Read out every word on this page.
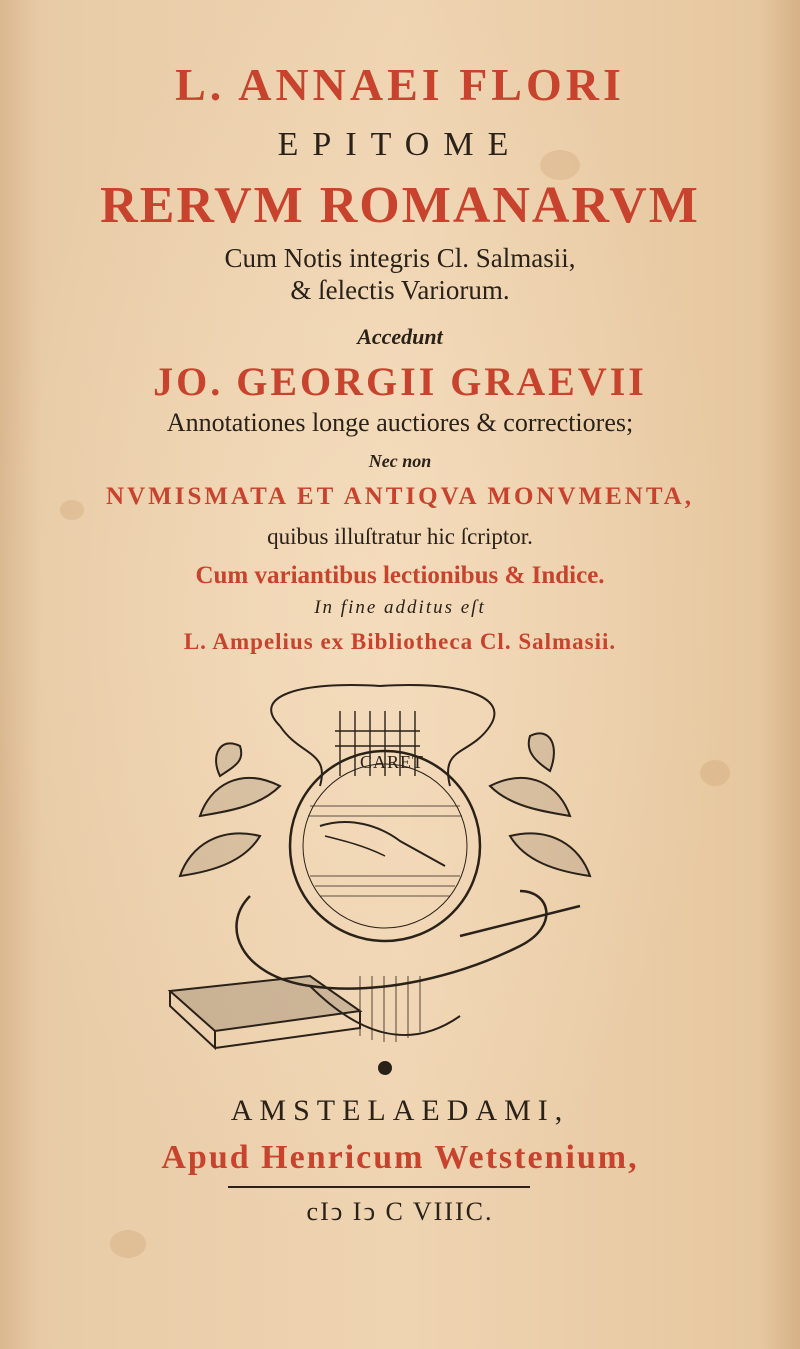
L. ANNAEI FLORI
EPITOME
RERVM ROMANARVM
Cum Notis integris Cl. Salmasii,
& ſelectis Variorum.
Accedunt
JO. GEORGII GRAEVII
Annotationes longe auctiores & correctiores;
Nec non
NVMISMATA ET ANTIQVA MONVMENTA,
quibus illuſtratur hic ſcriptor.
Cum variantibus lectionibus & Indice.
In fine additus eſt
L. Ampelius ex Bibliotheca Cl. Salmasii.
CARET
AMSTELAEDAMI,
Apud Henricum Wetstenium,
cIↄ Iↄ C VIIIC.
